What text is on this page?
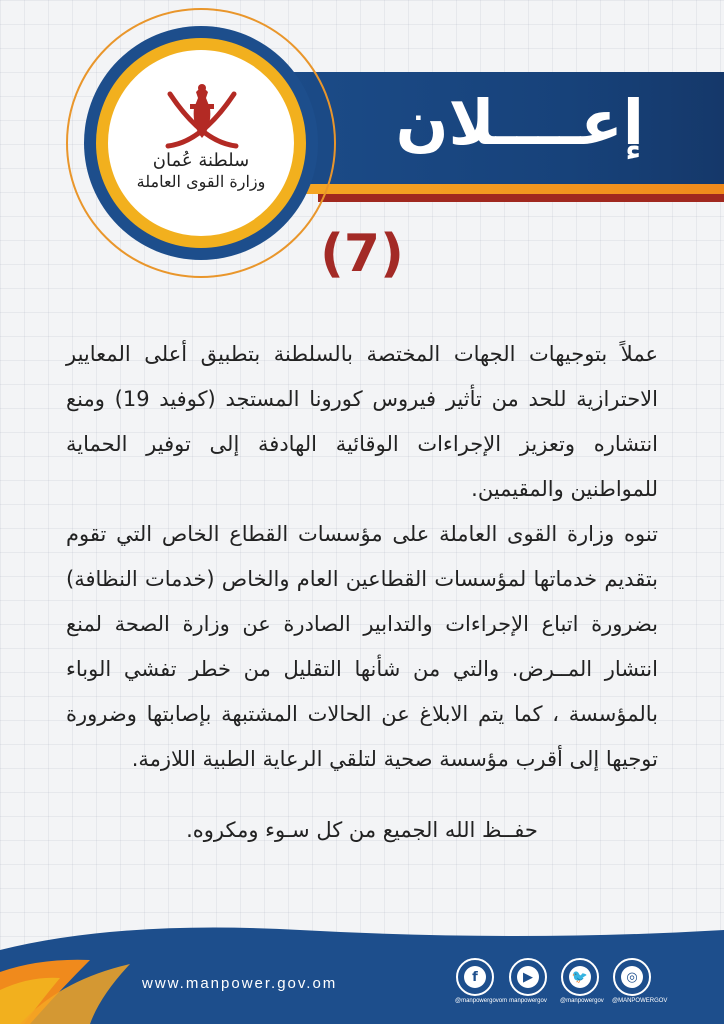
إعــــلان
سلطنة عُمان
وزارة القوى العاملة
(7)

عملاً بتوجيهات الجهات المختصة بالسلطنة بتطبيق أعلى المعايير الاحترازية للحد من تأثير فيروس كورونا المستجد (كوفيد 19) ومنع انتشاره وتعزيز الإجراءات الوقائية الهادفة إلى توفير الحماية للمواطنين والمقيمين.

تنوه وزارة القوى العاملة على مؤسسات القطاع الخاص التي تقوم بتقديم خدماتها لمؤسسات القطاعين العام والخاص (خدمات النظافة) بضرورة اتباع الإجراءات والتدابير الصادرة عن وزارة الصحة لمنع انتشار المــرض. والتي من شأنها التقليل من خطر تفشي الوباء بالمؤسسة ، كما يتم الابلاغ عن الحالات المشتبهة بإصابتها وضرورة توجيها إلى أقرب مؤسسة صحية لتلقي الرعاية الطبية اللازمة.

حفــظ الله الجميع من كل سـوء ومكروه.
www.manpower.gov.om	f
@manpowergovom
▶
manpowergov
🐦
@manpowergov
◎
@MANPOWERGOV
